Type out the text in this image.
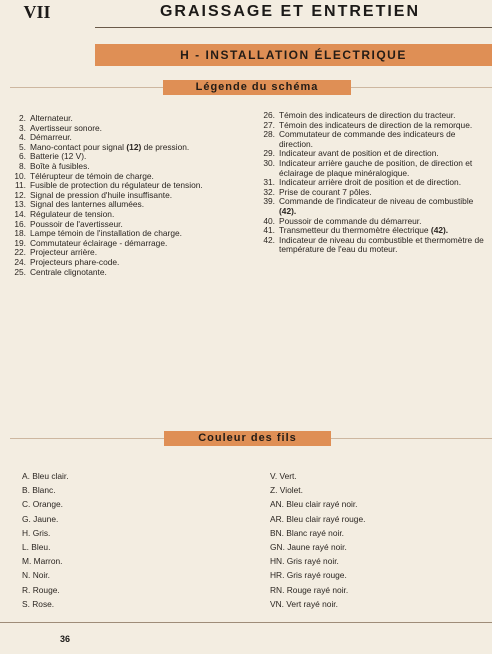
VII	GRAISSAGE ET ENTRETIEN
H - INSTALLATION ÉLECTRIQUE
Légende du schéma
2. Alternateur.
3. Avertisseur sonore.
4. Démarreur.
5. Mano-contact pour signal (12) de pression.
6. Batterie (12 V).
8. Boîte à fusibles.
10. Télérupteur de témoin de charge.
11. Fusible de protection du régulateur de tension.
12. Signal de pression d'huile insuffisante.
13. Signal des lanternes allumées.
14. Régulateur de tension.
16. Poussoir de l'avertisseur.
18. Lampe témoin de l'installation de charge.
19. Commutateur éclairage - démarrage.
22. Projecteur arrière.
24. Projecteurs phare-code.
25. Centrale clignotante.
26. Témoin des indicateurs de direction du tracteur.
27. Témoin des indicateurs de direction de la remorque.
28. Commutateur de commande des indicateurs de direction.
29. Indicateur avant de position et de direction.
30. Indicateur arrière gauche de position, de direction et éclairage de plaque minéralogique.
31. Indicateur arrière droit de position et de direction.
32. Prise de courant 7 pôles.
39. Commande de l'indicateur de niveau de combustible (42).
40. Poussoir de commande du démarreur.
41. Transmetteur du thermomètre électrique (42).
42. Indicateur de niveau du combustible et thermomètre de température de l'eau du moteur.
Couleur des fils
A. Bleu clair.
B. Blanc.
C. Orange.
G. Jaune.
H. Gris.
L. Bleu.
M. Marron.
N. Noir.
R. Rouge.
S. Rose.
V. Vert.
Z. Violet.
AN. Bleu clair rayé noir.
AR. Bleu clair rayé rouge.
BN. Blanc rayé noir.
GN. Jaune rayé noir.
HN. Gris rayé noir.
HR. Gris rayé rouge.
RN. Rouge rayé noir.
VN. Vert rayé noir.
36
